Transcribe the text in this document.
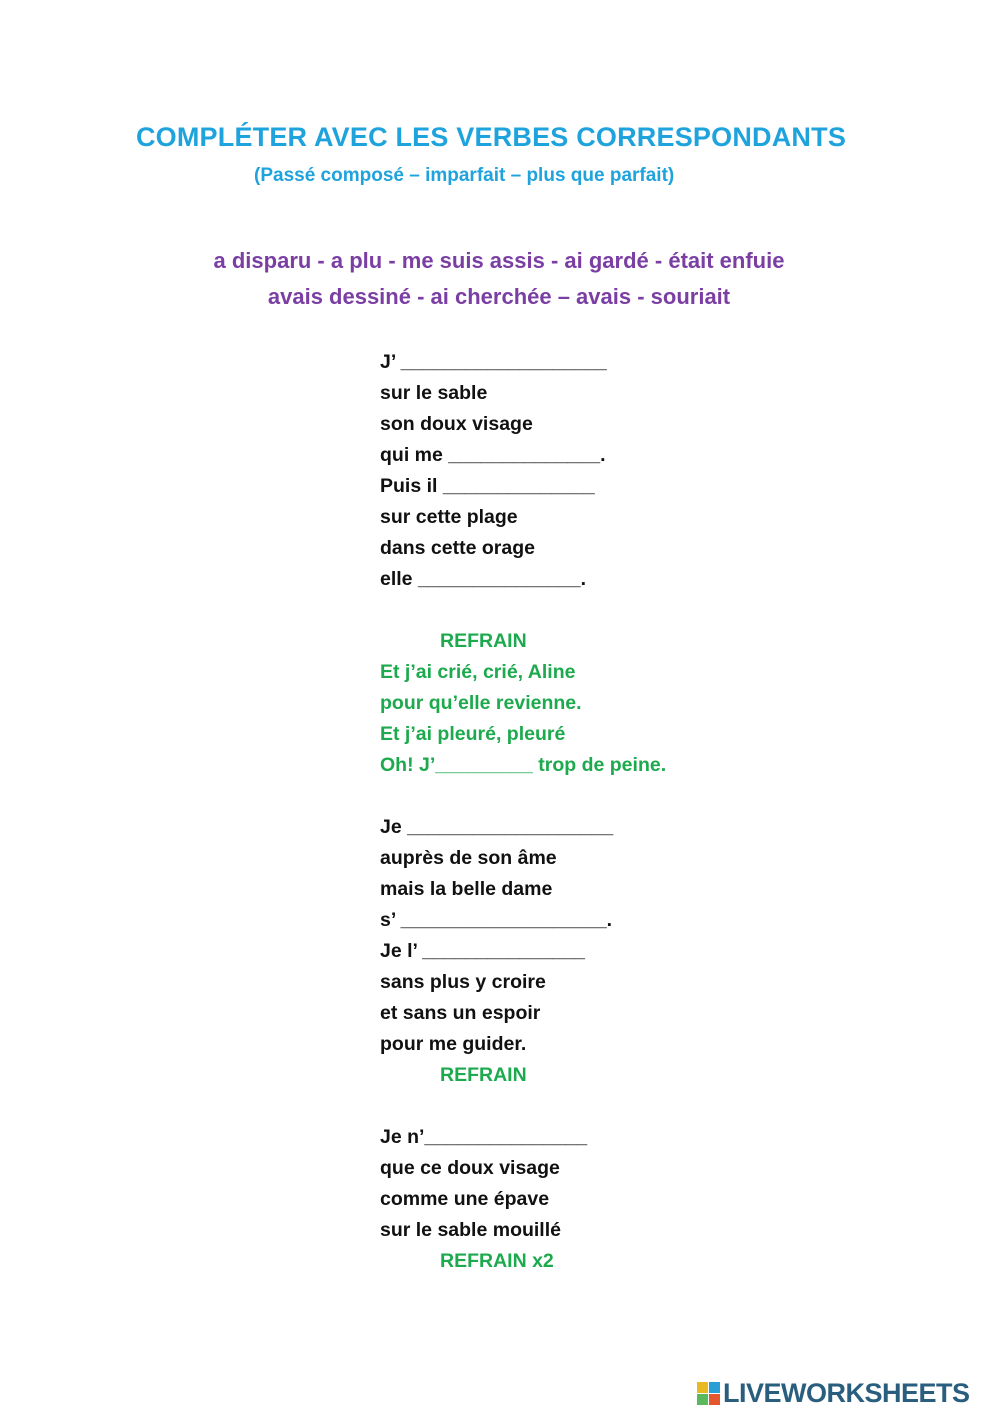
COMPLÉTER AVEC LES VERBES CORRESPONDANTS

(Passé composé – imparfait – plus que parfait)

a disparu - a plu - me suis assis - ai gardé - était enfuie
avais dessiné - ai cherchée – avais - souriait
J’ ___________________
sur le sable
son doux visage
qui me ______________.
Puis il ______________
sur cette plage
dans cette orage
elle _______________.
REFRAIN
Et j’ai crié, crié, Aline
pour qu’elle revienne.
Et j’ai pleuré, pleuré
Oh! J’_________ trop de peine.
Je ___________________
auprès de son âme
mais la belle dame
s’ ___________________.
Je l’ _______________
sans plus y croire
et sans un espoir
pour me guider.
REFRAIN
Je n’_______________
que ce doux visage
comme une épave
sur le sable mouillé
REFRAIN x2
LIVEWORKSHEETS
